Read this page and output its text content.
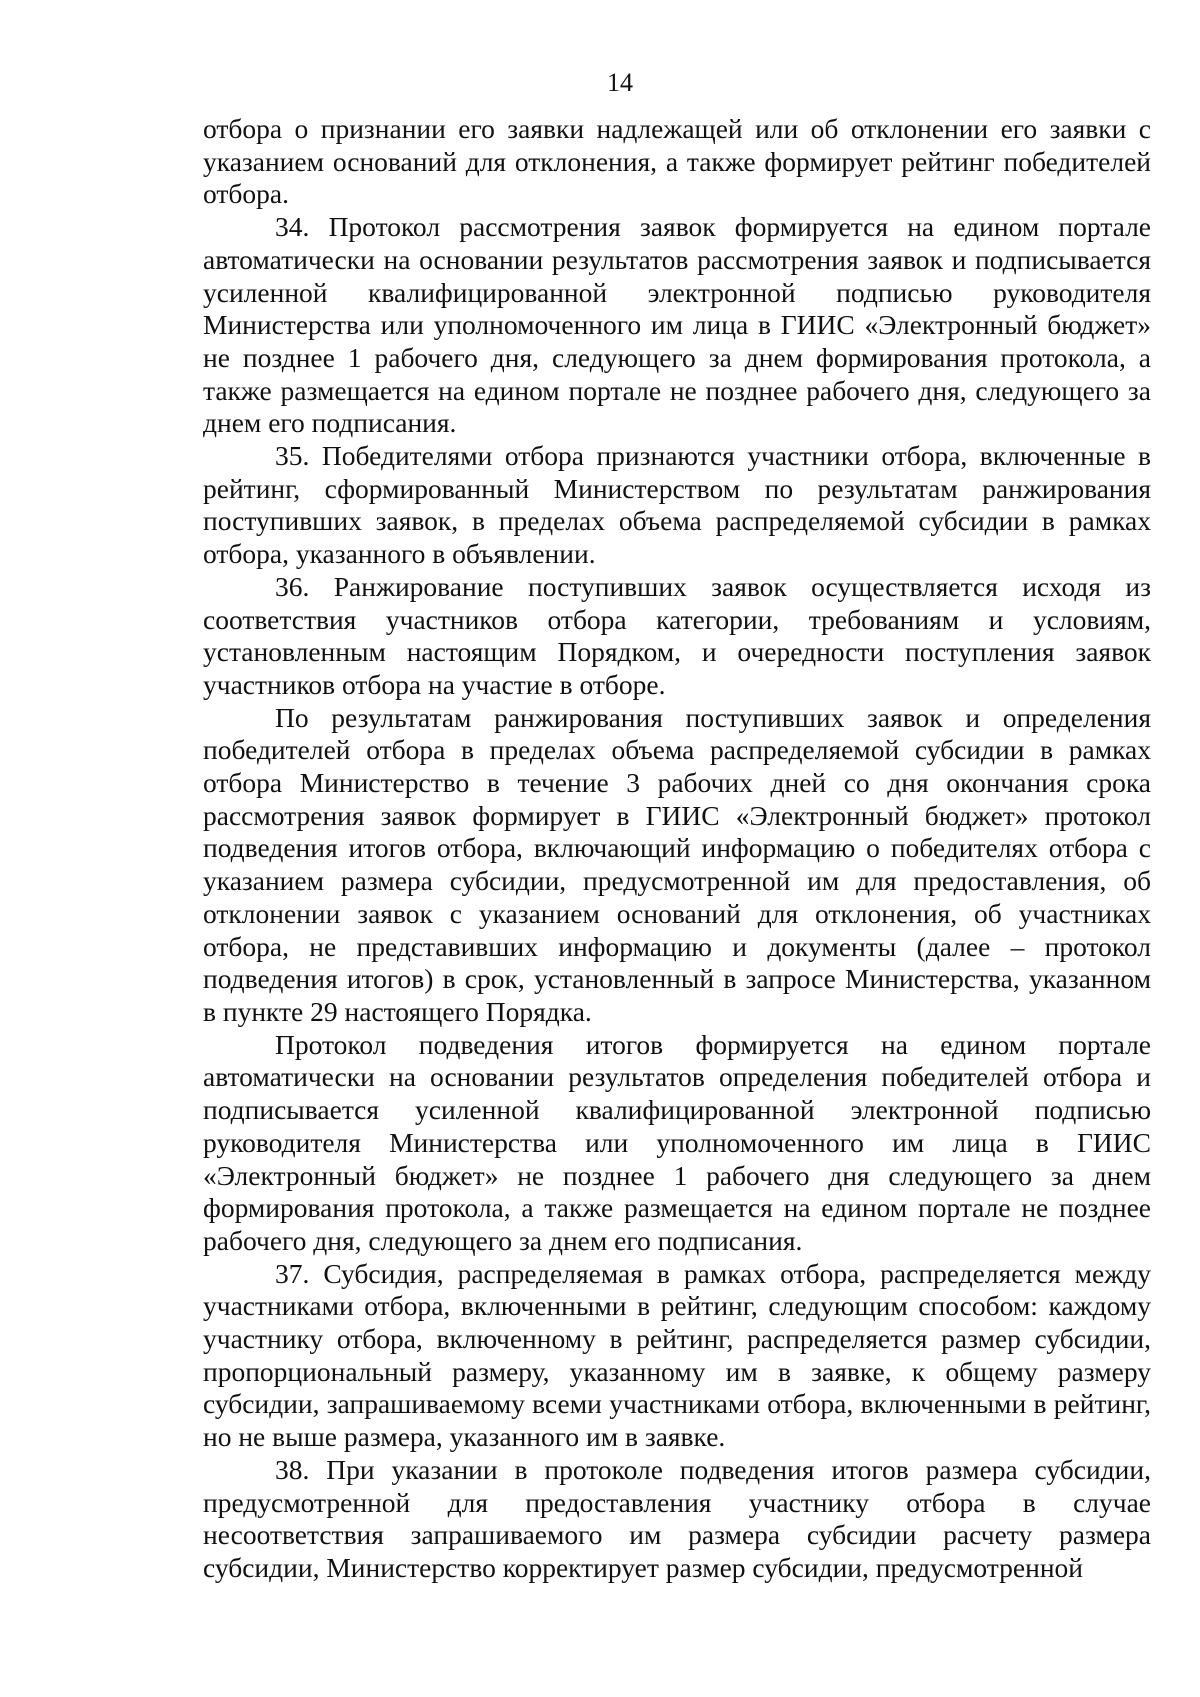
14

отбора о признании его заявки надлежащей или об отклонении его заявки с указанием оснований для отклонения, а также формирует рейтинг победителей отбора.

34. Протокол рассмотрения заявок формируется на едином портале автоматически на основании результатов рассмотрения заявок и подписывается усиленной квалифицированной электронной подписью руководителя Министерства или уполномоченного им лица в ГИИС «Электронный бюджет» не позднее 1 рабочего дня, следующего за днем формирования протокола, а также размещается на едином портале не позднее рабочего дня, следующего за днем его подписания.

35. Победителями отбора признаются участники отбора, включенные в рейтинг, сформированный Министерством по результатам ранжирования поступивших заявок, в пределах объема распределяемой субсидии в рамках отбора, указанного в объявлении.

36. Ранжирование поступивших заявок осуществляется исходя из соответствия участников отбора категории, требованиям и условиям, установленным настоящим Порядком, и очередности поступления заявок участников отбора на участие в отборе.

По результатам ранжирования поступивших заявок и определения победителей отбора в пределах объема распределяемой субсидии в рамках отбора Министерство в течение 3 рабочих дней со дня окончания срока рассмотрения заявок формирует в ГИИС «Электронный бюджет» протокол подведения итогов отбора, включающий информацию о победителях отбора с указанием размера субсидии, предусмотренной им для предоставления, об отклонении заявок с указанием оснований для отклонения, об участниках отбора, не представивших информацию и документы (далее – протокол подведения итогов) в срок, установленный в запросе Министерства, указанном в пункте 29 настоящего Порядка.

Протокол подведения итогов формируется на едином портале автоматически на основании результатов определения победителей отбора и подписывается усиленной квалифицированной электронной подписью руководителя Министерства или уполномоченного им лица в ГИИС «Электронный бюджет» не позднее 1 рабочего дня следующего за днем формирования протокола, а также размещается на едином портале не позднее рабочего дня, следующего за днем его подписания.

37. Субсидия, распределяемая в рамках отбора, распределяется между участниками отбора, включенными в рейтинг, следующим способом: каждому участнику отбора, включенному в рейтинг, распределяется размер субсидии, пропорциональный размеру, указанному им в заявке, к общему размеру субсидии, запрашиваемому всеми участниками отбора, включенными в рейтинг, но не выше размера, указанного им в заявке.

38. При указании в протоколе подведения итогов размера субсидии, предусмотренной для предоставления участнику отбора в случае несоответствия запрашиваемого им размера субсидии расчету размера субсидии, Министерство корректирует размер субсидии, предусмотренной
